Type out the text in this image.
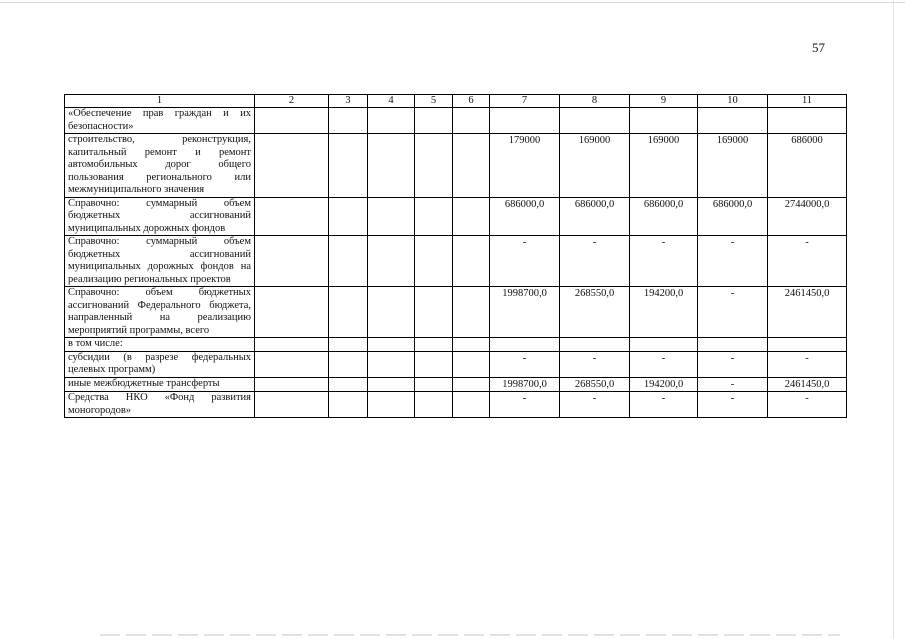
57
1	2	3	4	5	6	7	8	9	10	11
«Обеспечение прав граждан и их безопасности»										
строительство, реконструкция, капитальный ремонт и ремонт автомобильных дорог общего пользования регионального или межмуниципального значения						179000	169000	169000	169000	686000
Справочно: суммарный объем бюджетных ассигнований муниципальных дорожных фондов						686000,0	686000,0	686000,0	686000,0	2744000,0
Справочно: суммарный объем бюджетных ассигнований муниципальных дорожных фондов на реализацию региональных проектов						-	-	-	-	-
Справочно: объем бюджетных ассигнований Федерального бюджета, направленный на реализацию мероприятий программы, всего						1998700,0	268550,0	194200,0	-	2461450,0
в том числе:										
субсидии (в разрезе федеральных целевых программ)						-	-	-	-	-
иные межбюджетные трансферты						1998700,0	268550,0	194200,0	-	2461450,0
Средства НКО «Фонд развития моногородов»						-	-	-	-	-
